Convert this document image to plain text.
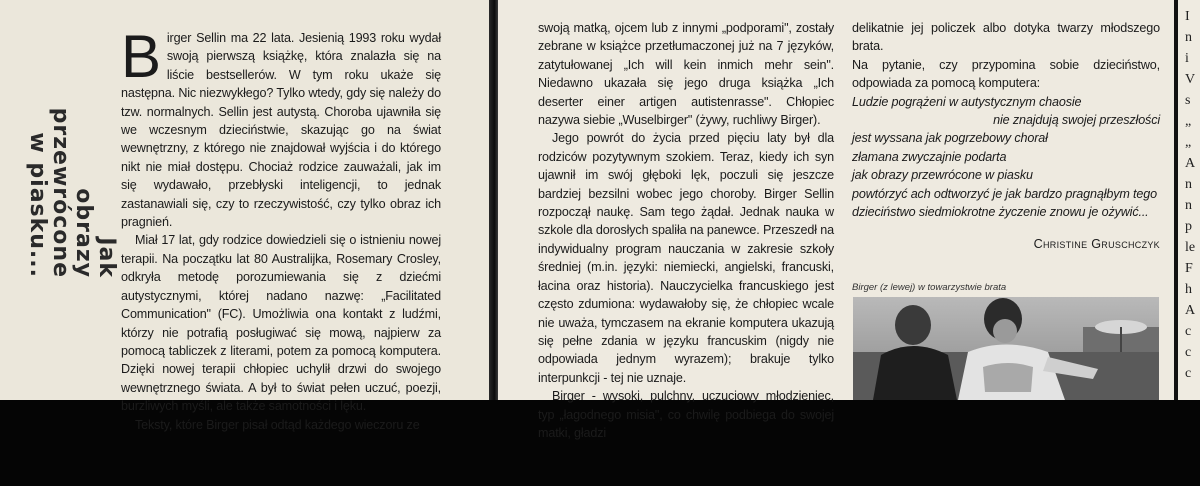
Jak
obrazy
przewrócone
w piasku...

Birger Sellin ma 22 lata. Jesienią 1993 roku wydał swoją pierwszą książkę, która znalazła się na liście bestsellerów. W tym roku ukaże się następna. Nic niezwykłego? Tylko wtedy, gdy się należy do tzw. normalnych. Sellin jest autystą. Choroba ujawniła się we wczesnym dzieciństwie, skazując go na świat wewnętrzny, z którego nie znajdował wyjścia i do którego nikt nie miał dostępu. Chociaż rodzice zauważali, jak im się wydawało, przebłyski inteligencji, to jednak zastanawiali się, czy to rzeczywistość, czy tylko obraz ich pragnień.

Miał 17 lat, gdy rodzice dowiedzieli się o istnieniu nowej terapii. Na początku lat 80 Australijka, Rosemary Crosley, odkryła metodę porozumiewania się z dziećmi autystycznymi, której nadano nazwę: „Facilitated Communication" (FC). Umożliwia ona kontakt z ludźmi, którzy nie potrafią posługiwać się mową, najpierw za pomocą tabliczek z literami, potem za pomocą komputera. Dzięki nowej terapii chłopiec uchylił drzwi do swojego wewnętrznego świata. A był to świat pełen uczuć, poezji, burzliwych myśli, ale także samotności i lęku.

Teksty, które Birger pisał odtąd każdego wieczoru ze

swoją matką, ojcem lub z innymi „podporami", zostały zebrane w książce przetłumaczonej już na 7 języków, zatytułowanej „Ich will kein inmich mehr sein". Niedawno ukazała się jego druga książka „Ich deserter einer artigen autistenrasse". Chłopiec nazywa siebie „Wuselbirger" (żywy, ruchliwy Birger).

Jego powrót do życia przed pięciu laty był dla rodziców pozytywnym szokiem. Teraz, kiedy ich syn ujawnił im swój głęboki lęk, poczuli się jeszcze bardziej bezsilni wobec jego choroby. Birger Sellin rozpoczął naukę. Sam tego żądał. Jednak nauka w szkole dla dorosłych spaliła na panewce. Przeszedł na indywidualny program nauczania w zakresie szkoły średniej (m.in. języki: niemiecki, angielski, francuski, łacina oraz historia). Nauczycielka francuskiego jest często zdumiona: wydawałoby się, że chłopiec wcale nie uważa, tymczasem na ekranie komputera ukazują się pełne zdania w języku francuskim (nigdy nie odpowiada jednym wyrazem); brakuje tylko interpunkcji - tej nie uznaje.

Birger - wysoki, pulchny, uczuciowy młodzieniec, typ „łagodnego misia", co chwilę podbiega do swojej matki, gładzi

delikatnie jej policzek albo dotyka twarzy młodszego brata.
Na pytanie, czy przypomina sobie dzieciństwo, odpowiada za pomocą komputera:
Ludzie pogrążeni w autystycznym chaosie
nie znajdują swojej przeszłości
jest wyssana jak pogrzebowy chorał
złamana zwyczajnie podarta
jak obrazy przewrócone w piasku
powtórzyć ach odtworzyć je jak bardzo pragnąłbym tego
dzieciństwo siedmiokrotne życzenie znowu je ożywić...
Christine Gruschczyk
Birger (z lewej) w towarzystwie brata
I
n
i
V
s
„
„
A
n
n
p
le
F
h
A
c
c
c
